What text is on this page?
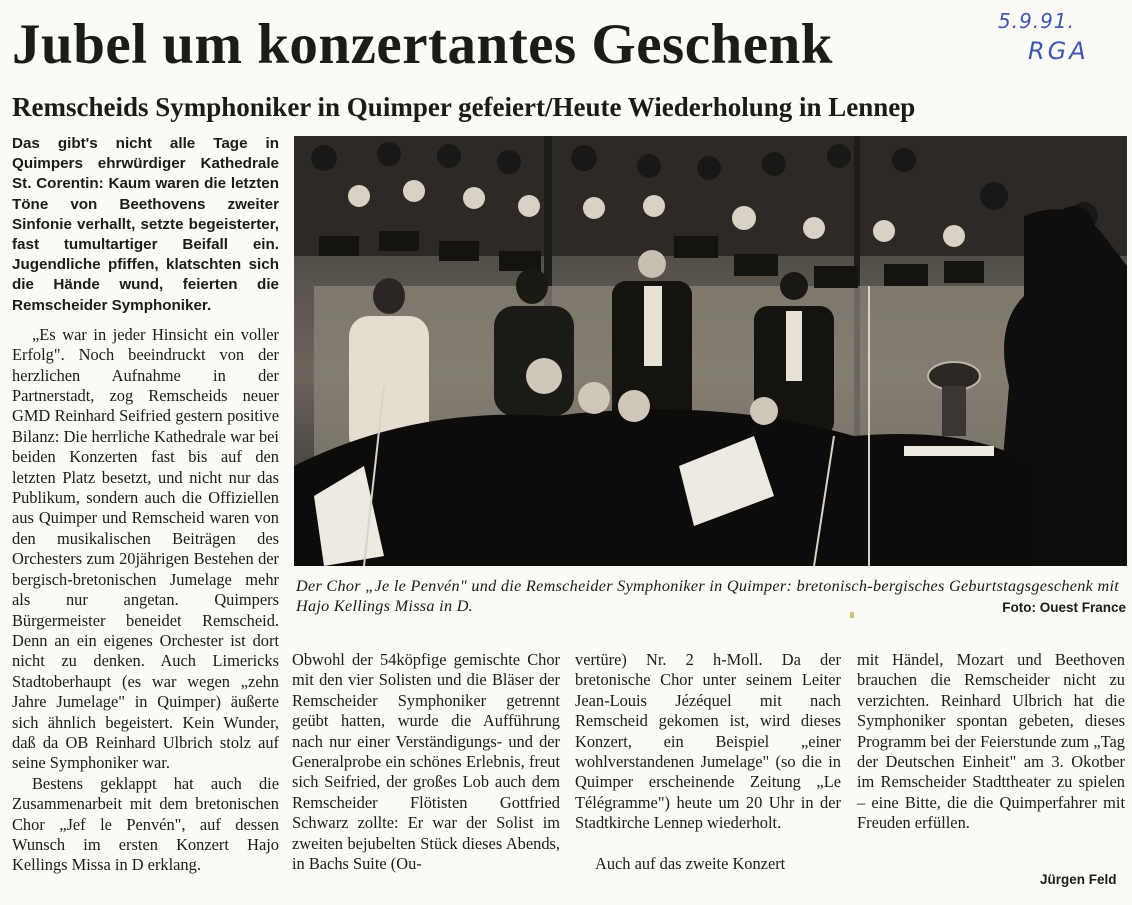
5.9.91.
RGA
Jubel um konzertantes Geschenk
Remscheids Symphoniker in Quimper gefeiert/Heute Wiederholung in Lennep

Das gibt's nicht alle Tage in Quimpers ehrwürdiger Kathedrale St. Corentin: Kaum waren die letzten Töne von Beethovens zweiter Sinfonie verhallt, setzte begeisterter, fast tumultartiger Beifall ein. Jugendliche pfiffen, klatschten sich die Hände wund, feierten die Remscheider Symphoniker.

„Es war in jeder Hinsicht ein voller Erfolg". Noch beeindruckt von der herzlichen Aufnahme in der Partnerstadt, zog Remscheids neuer GMD Reinhard Seifried gestern positive Bilanz: Die herrliche Kathedrale war bei beiden Konzerten fast bis auf den letzten Platz besetzt, und nicht nur das Publikum, sondern auch die Offiziellen aus Quimper und Remscheid waren von den musikalischen Beiträgen des Orchesters zum 20jährigen Bestehen der bergisch-bretonischen Jumelage mehr als nur angetan. Quimpers Bürgermeister beneidet Remscheid. Denn an ein eigenes Orchester ist dort nicht zu denken. Auch Limericks Stadtoberhaupt (es war wegen „zehn Jahre Jumelage" in Quimper) äußerte sich ähnlich begeistert. Kein Wunder, daß da OB Reinhard Ulbrich stolz auf seine Symphoniker war.

Bestens geklappt hat auch die Zusammenarbeit mit dem bretonischen Chor „Jef le Penvén", auf dessen Wunsch im ersten Konzert Hajo Kellings Missa in D erklang.

Der Chor „Je le Penvén" und die Remscheider Symphoniker in Quimper: bretonisch-bergisches Geburtstagsgeschenk mit Hajo Kellings Missa in D.	Foto: Ouest France
Obwohl der 54köpfige gemischte Chor mit den vier Solisten und die Bläser der Remscheider Symphoniker getrennt geübt hatten, wurde die Aufführung nach nur einer Verständigungs- und der Generalprobe ein schönes Erlebnis, freut sich Seifried, der großes Lob auch dem Remscheider Flötisten Gottfried Schwarz zollte: Er war der Solist im zweiten bejubelten Stück dieses Abends, in Bachs Suite (Ou-

vertüre) Nr. 2 h-Moll. Da der bretonische Chor unter seinem Leiter Jean-Louis Jézéquel mit nach Remscheid gekomen ist, wird dieses Konzert, ein Beispiel „einer wohlverstandenen Jumelage" (so die in Quimper erscheinende Zeitung „Le Télégramme") heute um 20 Uhr in der Stadtkirche Lennep wiederholt.

Auch auf das zweite Konzert

mit Händel, Mozart und Beethoven brauchen die Remscheider nicht zu verzichten. Reinhard Ulbrich hat die Symphoniker spontan gebeten, dieses Programm bei der Feierstunde zum „Tag der Deutschen Einheit" am 3. Okotber im Remscheider Stadttheater zu spielen – eine Bitte, die die Quimperfahrer mit Freuden erfüllen.
Jürgen Feld
